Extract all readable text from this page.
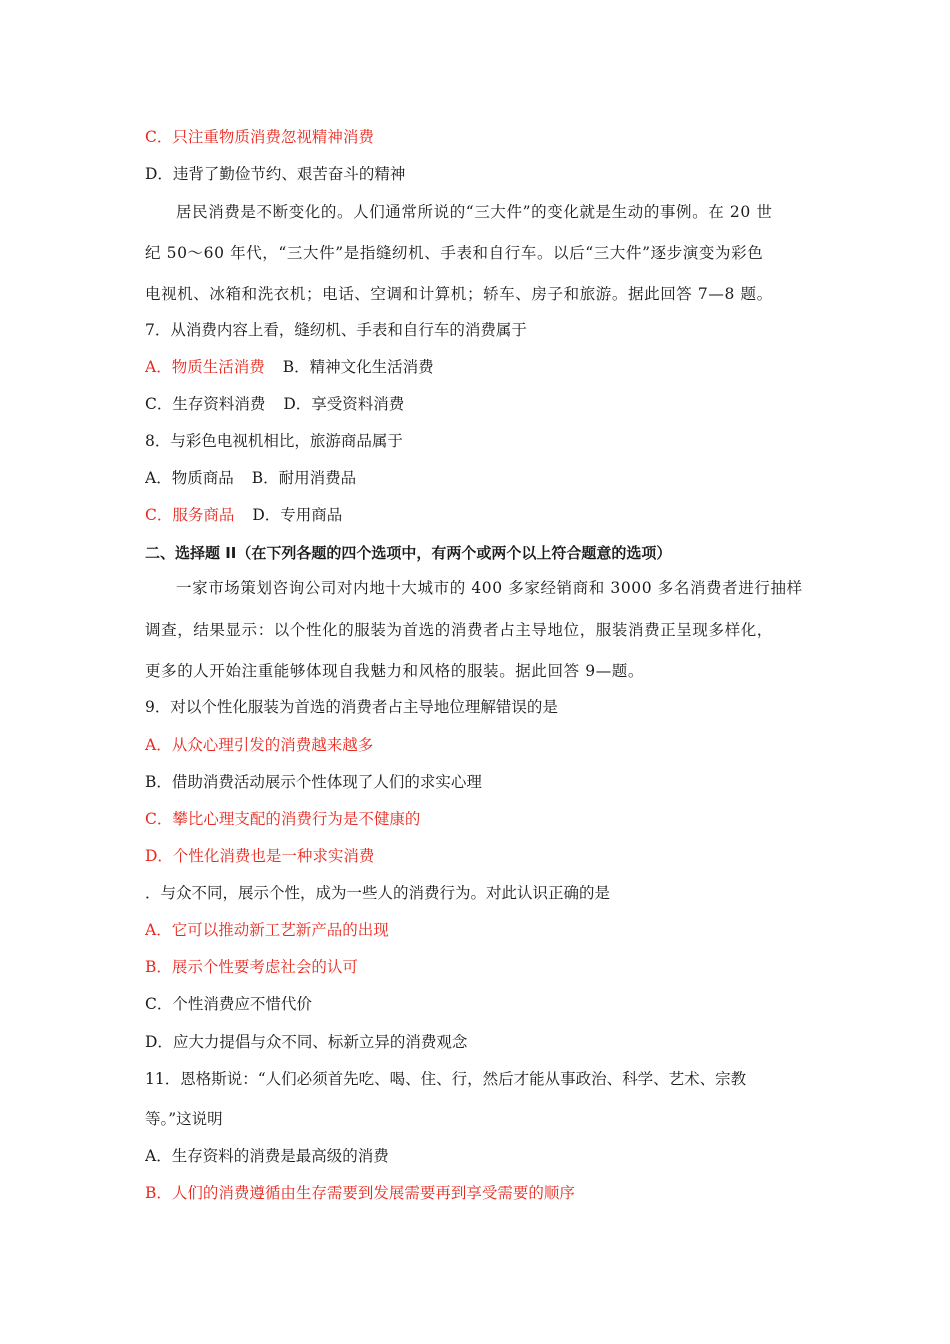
C．只注重物质消费忽视精神消费
D．违背了勤俭节约、艰苦奋斗的精神
居民消费是不断变化的。人们通常所说的“三大件”的变化就是生动的事例。在 20 世
纪 50～60 年代，“三大件”是指缝纫机、手表和自行车。以后“三大件”逐步演变为彩色
电视机、冰箱和洗衣机；电话、空调和计算机；轿车、房子和旅游。据此回答 7—8 题。
7．从消费内容上看，缝纫机、手表和自行车的消费属于
A．物质生活消费 B．精神文化生活消费
C．生存资料消费 D．享受资料消费
8．与彩色电视机相比，旅游商品属于
A．物质商品 B．耐用消费品
C．服务商品 D．专用商品
二、选择题 II（在下列各题的四个选项中，有两个或两个以上符合题意的选项）
一家市场策划咨询公司对内地十大城市的 400 多家经销商和 3000 多名消费者进行抽样
调查，结果显示：以个性化的服装为首选的消费者占主导地位，服装消费正呈现多样化，
更多的人开始注重能够体现自我魅力和风格的服装。据此回答 9—题。
9．对以个性化服装为首选的消费者占主导地位理解错误的是
A．从众心理引发的消费越来越多
B．借助消费活动展示个性体现了人们的求实心理
C．攀比心理支配的消费行为是不健康的
D．个性化消费也是一种求实消费
．与众不同，展示个性，成为一些人的消费行为。对此认识正确的是
A．它可以推动新工艺新产品的出现
B．展示个性要考虑社会的认可
C．个性消费应不惜代价
D．应大力提倡与众不同、标新立异的消费观念
11．恩格斯说：“人们必须首先吃、喝、住、行，然后才能从事政治、科学、艺术、宗教
等。”这说明
A．生存资料的消费是最高级的消费
B．人们的消费遵循由生存需要到发展需要再到享受需要的顺序
